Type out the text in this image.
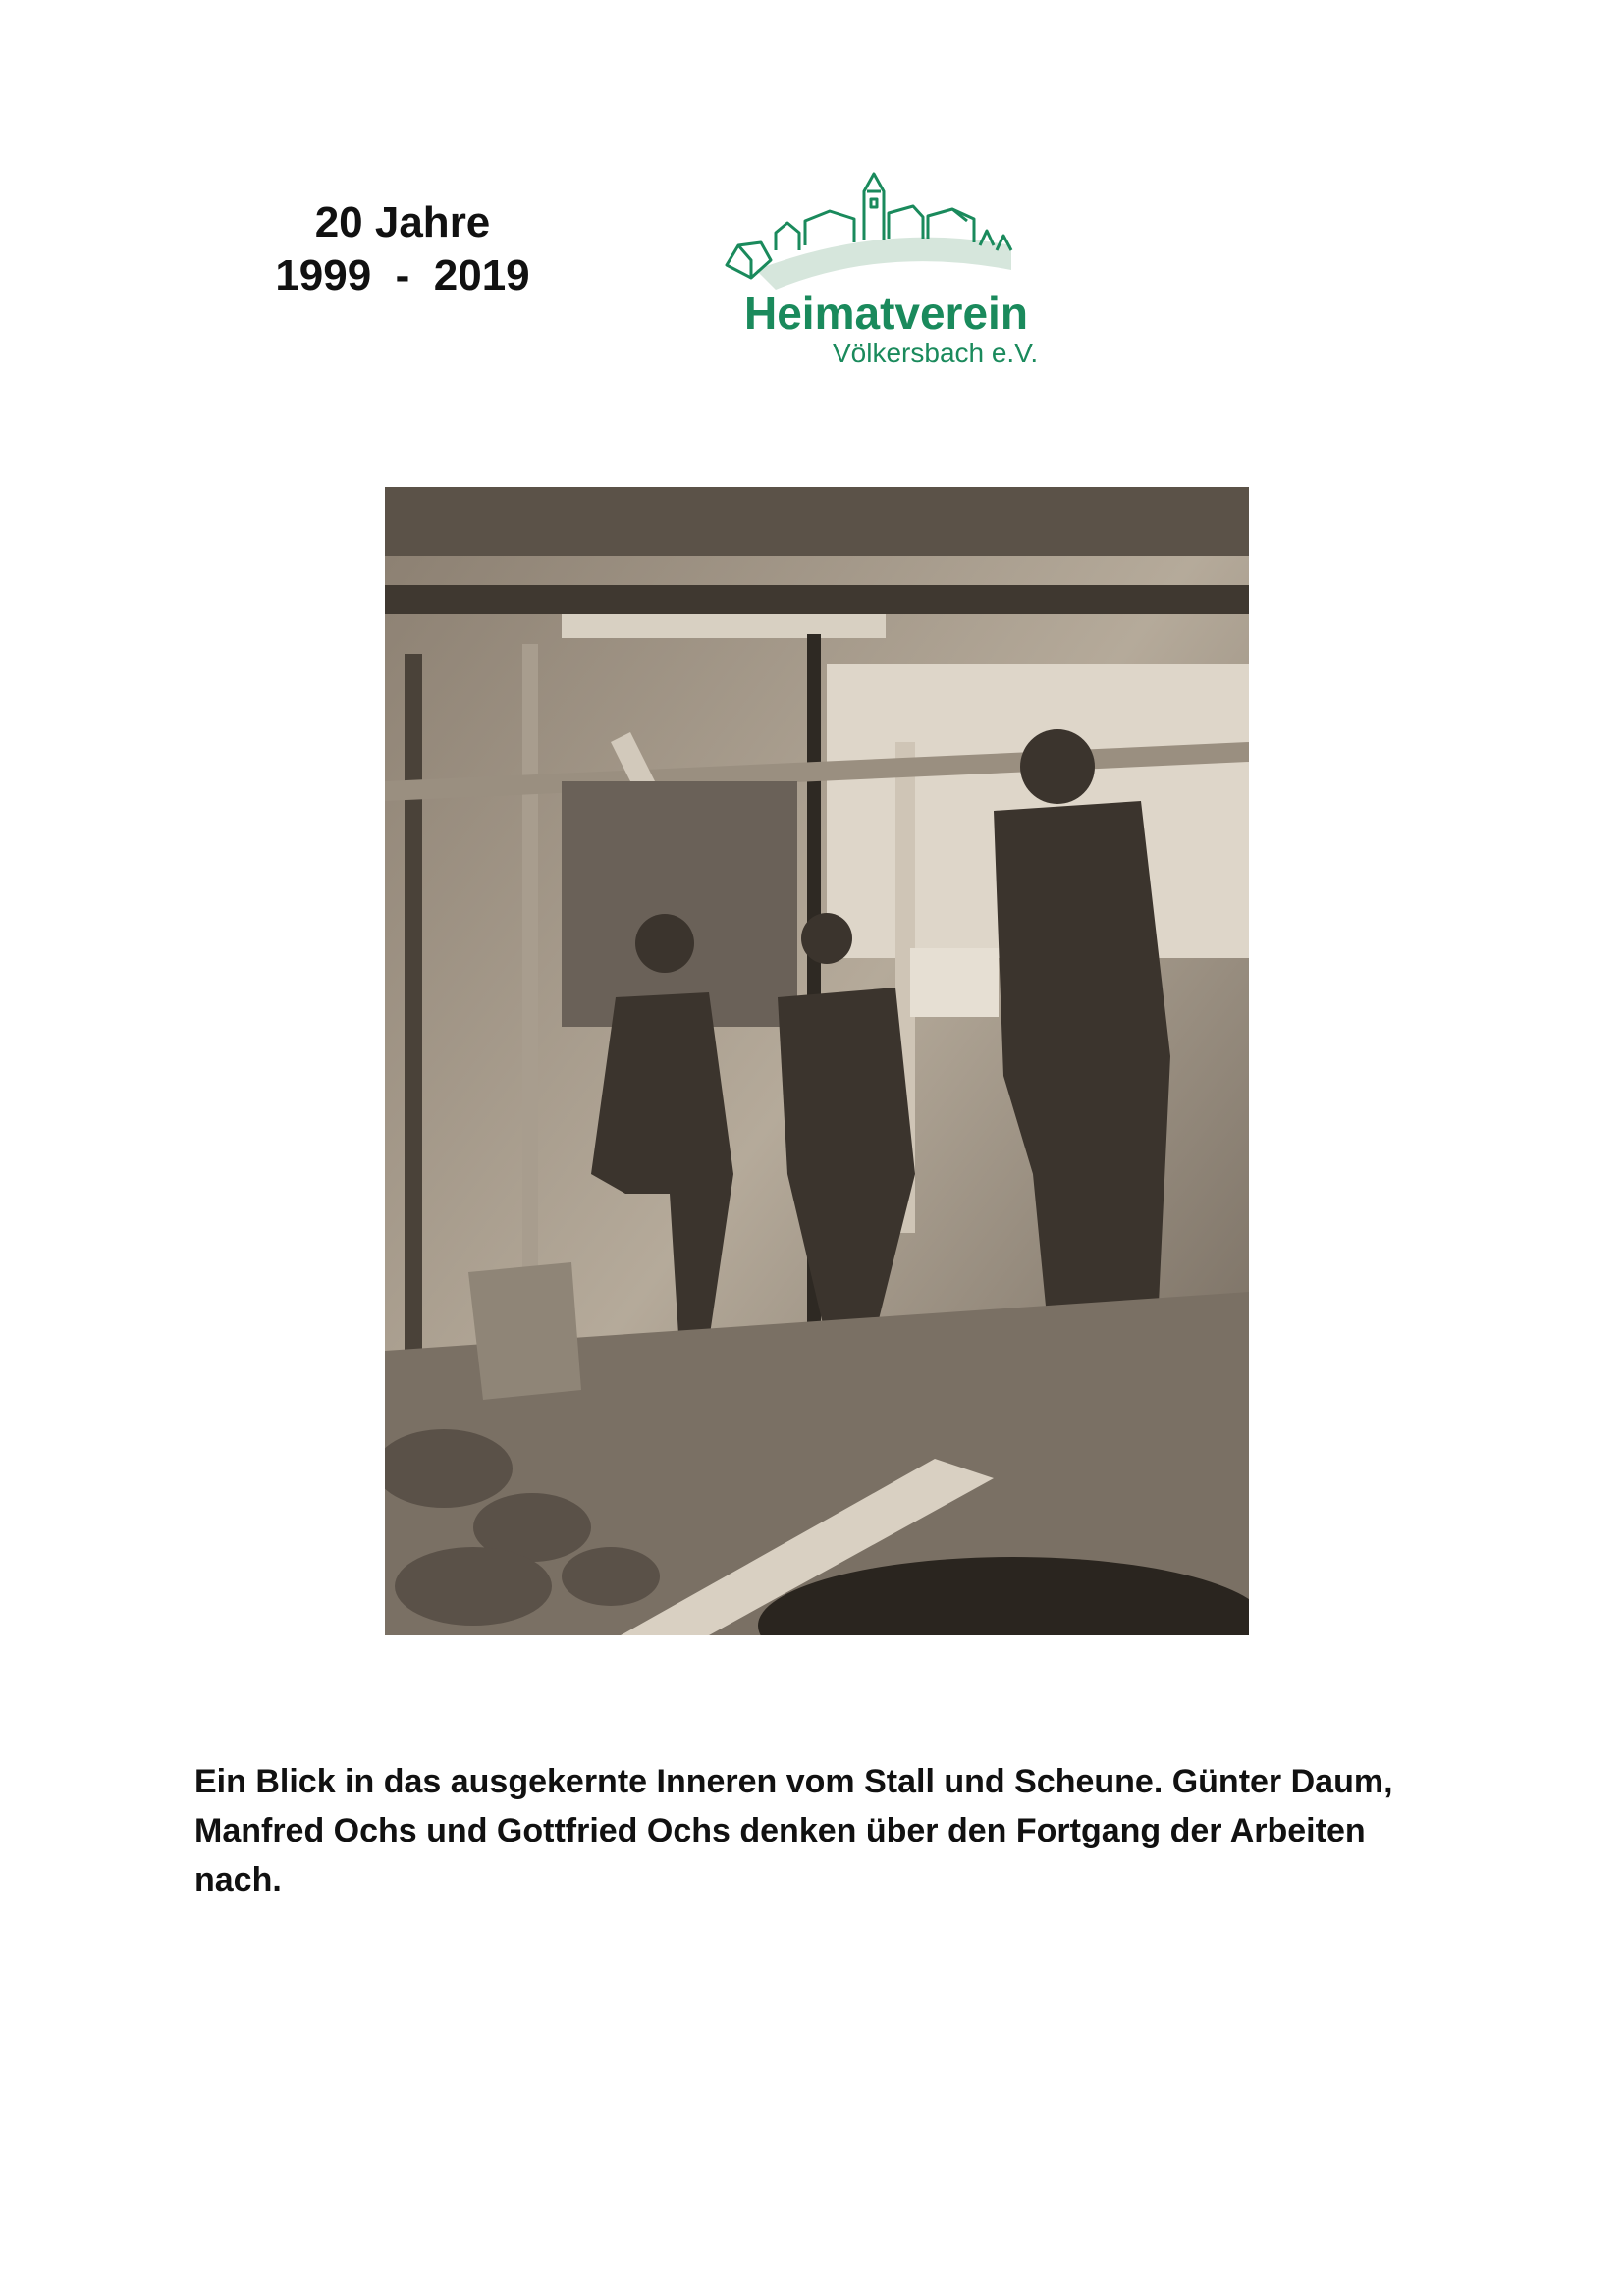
20 Jahre
1999  -  2019
Heimatverein
Völkersbach e.V.
Ein Blick in das ausgekernte Inneren vom Stall und Scheune. Günter Daum, Manfred Ochs und Gottfried Ochs denken über den Fortgang der Arbeiten nach.
